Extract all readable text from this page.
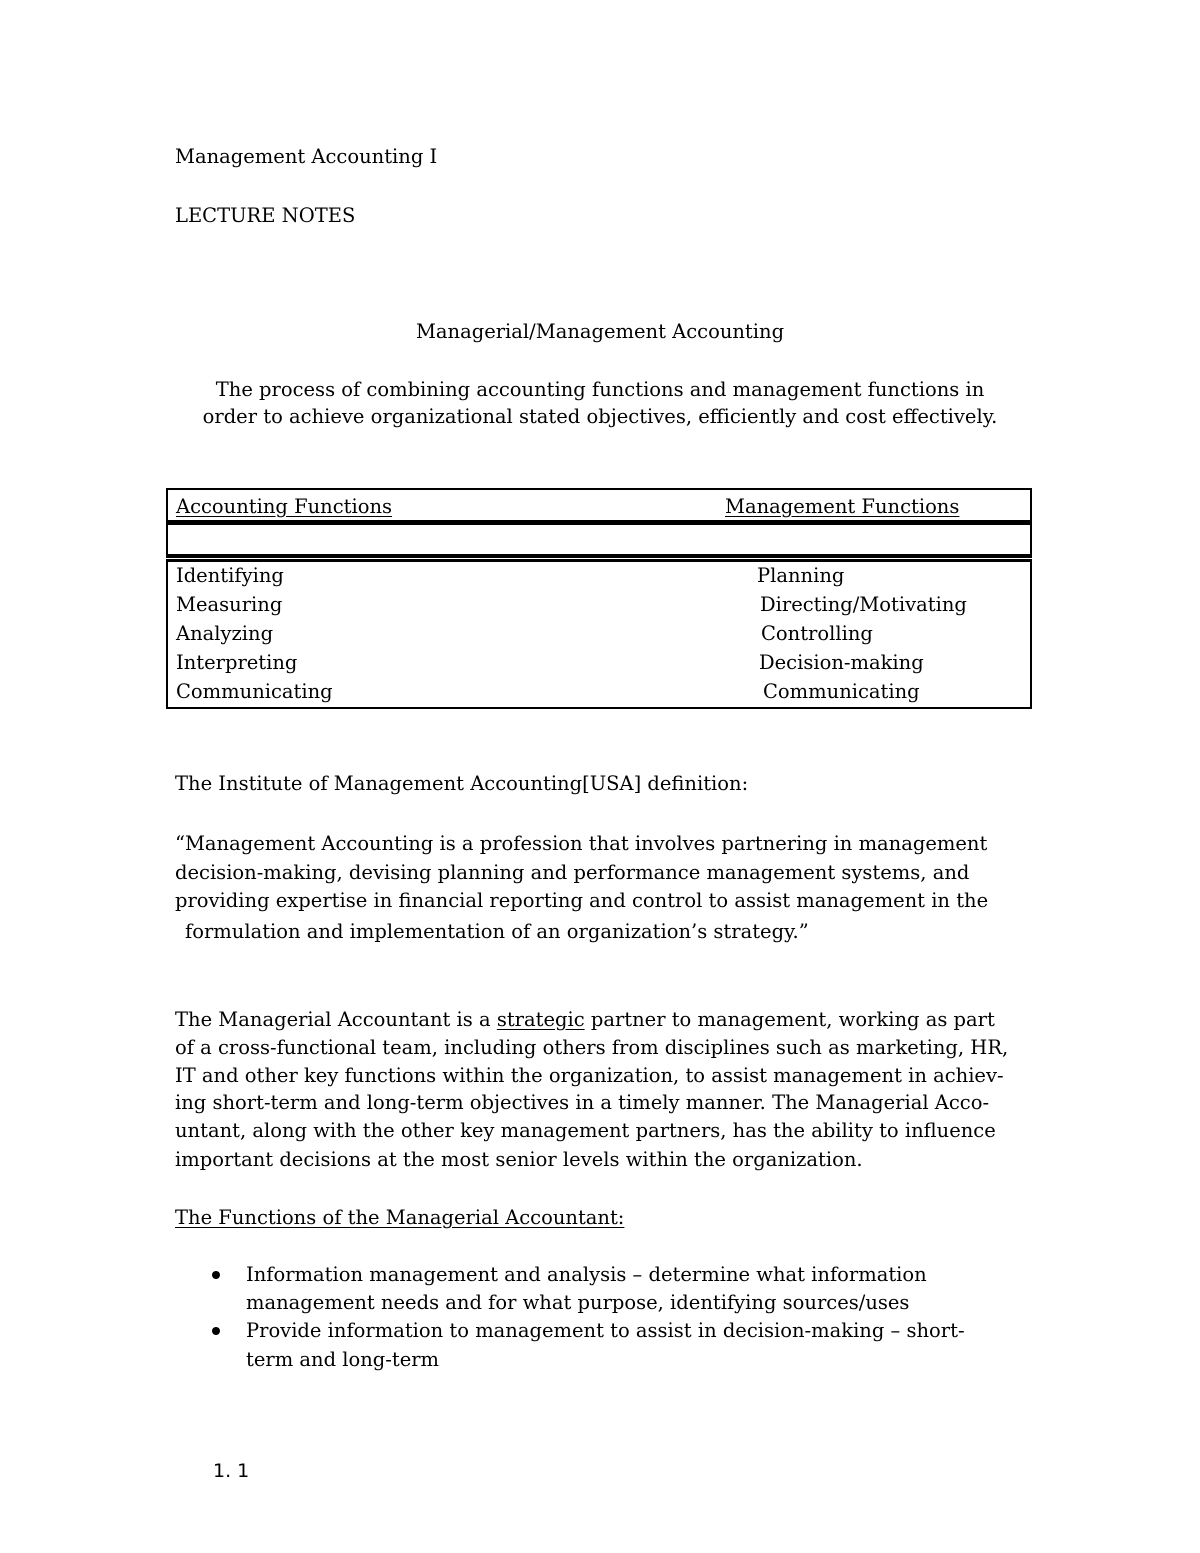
Management Accounting I
LECTURE NOTES
Managerial/Management Accounting
The process of combining accounting functions and management functions in
order to achieve organizational stated objectives, efficiently and cost effectively.
Accounting Functions	Management Functions
Identifying	Planning
Measuring	Directing/Motivating
Analyzing	Controlling
Interpreting	Decision-making
Communicating	Communicating
The Institute of Management Accounting[USA] definition:
“Management Accounting is a profession that involves partnering in management
decision-making, devising planning and performance management systems, and
providing expertise in financial reporting and control to assist management in the
formulation and implementation of an organization’s strategy.”
The Managerial Accountant is a strategic partner to management, working as part
of a cross-functional team, including others from disciplines such as marketing, HR,
IT and other key functions within the organization, to assist management in achiev-
ing short-term and long-term objectives in a timely manner. The Managerial Acco-
untant, along with the other key management partners, has the ability to influence
important decisions at the most senior levels within the organization.
The Functions of the Managerial Accountant:
Information management and analysis – determine what information
management needs and for what purpose, identifying sources/uses
Provide information to management to assist in decision-making – short-
term and long-term
1. 1
